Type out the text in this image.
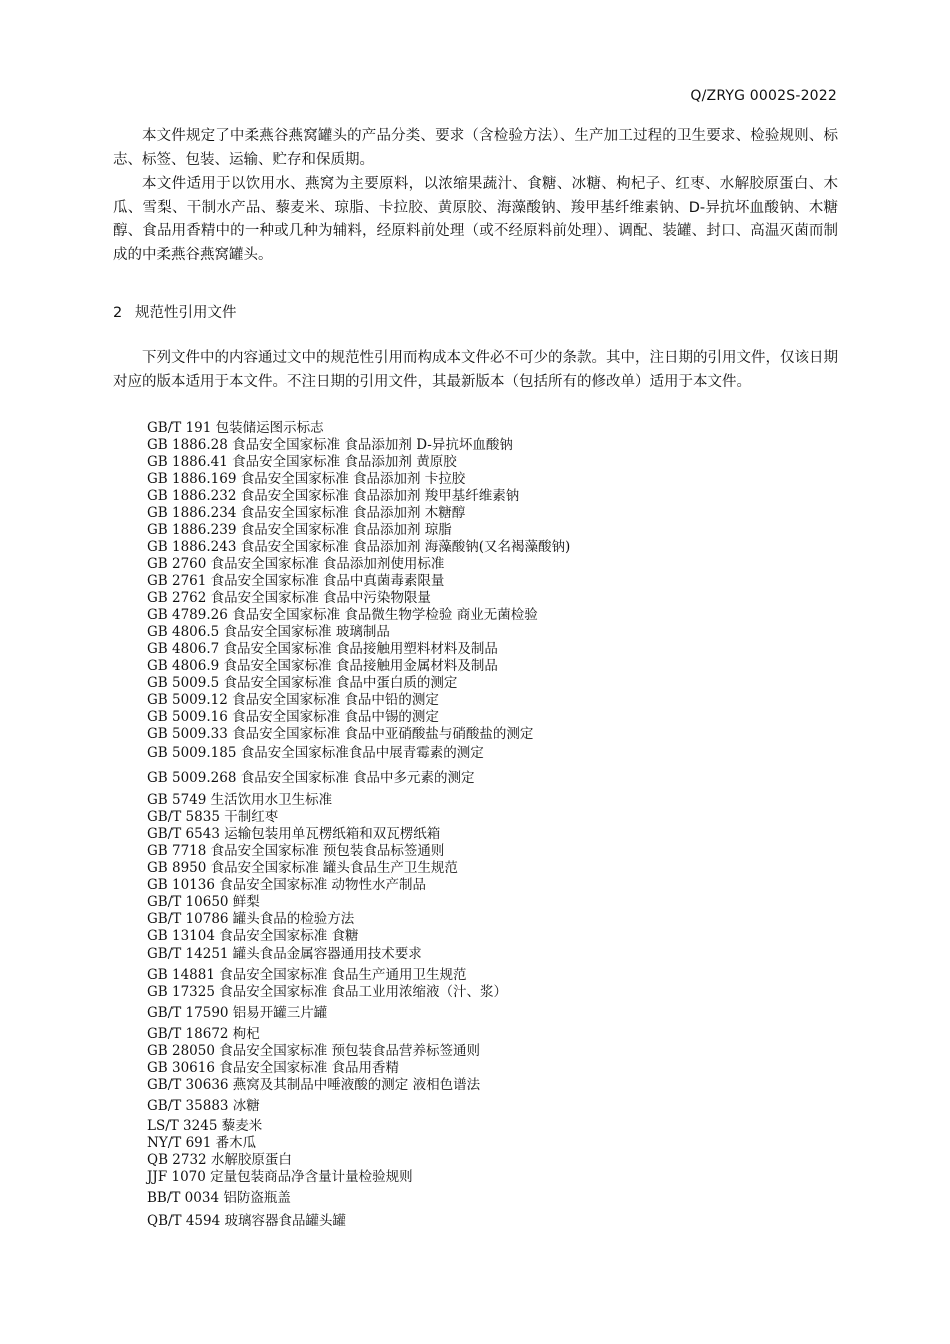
Q/ZRYG 0002S-2022
本文件规定了中柔燕谷燕窝罐头的产品分类、要求（含检验方法）、生产加工过程的卫生要求、检验规则、标志、标签、包装、运输、贮存和保质期。
本文件适用于以饮用水、燕窝为主要原料，以浓缩果蔬汁、食糖、冰糖、枸杞子、红枣、水解胶原蛋白、木瓜、雪梨、干制水产品、藜麦米、琼脂、卡拉胶、黄原胶、海藻酸钠、羧甲基纤维素钠、D-异抗坏血酸钠、木糖醇、食品用香精中的一种或几种为辅料，经原料前处理（或不经原料前处理）、调配、装罐、封口、高温灭菌而制成的中柔燕谷燕窝罐头。
2 规范性引用文件
下列文件中的内容通过文中的规范性引用而构成本文件必不可少的条款。其中，注日期的引用文件，仅该日期对应的版本适用于本文件。不注日期的引用文件，其最新版本（包括所有的修改单）适用于本文件。
GB/T 191 包装储运图示标志
GB 1886.28 食品安全国家标准 食品添加剂 D-异抗坏血酸钠
GB 1886.41 食品安全国家标准 食品添加剂 黄原胶
GB 1886.169 食品安全国家标准 食品添加剂 卡拉胶
GB 1886.232 食品安全国家标准 食品添加剂 羧甲基纤维素钠
GB 1886.234 食品安全国家标准 食品添加剂 木糖醇
GB 1886.239 食品安全国家标准 食品添加剂 琼脂
GB 1886.243 食品安全国家标准 食品添加剂 海藻酸钠(又名褐藻酸钠)
GB 2760 食品安全国家标准 食品添加剂使用标准
GB 2761 食品安全国家标准 食品中真菌毒素限量
GB 2762 食品安全国家标准 食品中污染物限量
GB 4789.26 食品安全国家标准 食品微生物学检验 商业无菌检验
GB 4806.5 食品安全国家标准 玻璃制品
GB 4806.7 食品安全国家标准 食品接触用塑料材料及制品
GB 4806.9 食品安全国家标准 食品接触用金属材料及制品
GB 5009.5 食品安全国家标准 食品中蛋白质的测定
GB 5009.12 食品安全国家标准 食品中铅的测定
GB 5009.16 食品安全国家标准 食品中锡的测定
GB 5009.33 食品安全国家标准 食品中亚硝酸盐与硝酸盐的测定
GB 5009.185 食品安全国家标准食品中展青霉素的测定
GB 5009.268 食品安全国家标准 食品中多元素的测定
GB 5749 生活饮用水卫生标准
GB/T 5835 干制红枣
GB/T 6543 运输包装用单瓦楞纸箱和双瓦楞纸箱
GB 7718 食品安全国家标准 预包装食品标签通则
GB 8950 食品安全国家标准 罐头食品生产卫生规范
GB 10136 食品安全国家标准 动物性水产制品
GB/T 10650 鲜梨
GB/T 10786 罐头食品的检验方法
GB 13104 食品安全国家标准 食糖
GB/T 14251 罐头食品金属容器通用技术要求
GB 14881 食品安全国家标准 食品生产通用卫生规范
GB 17325 食品安全国家标准 食品工业用浓缩液（汁、浆）
GB/T 17590 铝易开罐三片罐
GB/T 18672 枸杞
GB 28050 食品安全国家标准 预包装食品营养标签通则
GB 30616 食品安全国家标准 食品用香精
GB/T 30636 燕窝及其制品中唾液酸的测定 液相色谱法
GB/T 35883 冰糖
LS/T 3245 藜麦米
NY/T 691 番木瓜
QB 2732 水解胶原蛋白
JJF 1070 定量包装商品净含量计量检验规则
BB/T 0034 铝防盗瓶盖
QB/T 4594 玻璃容器食品罐头罐
